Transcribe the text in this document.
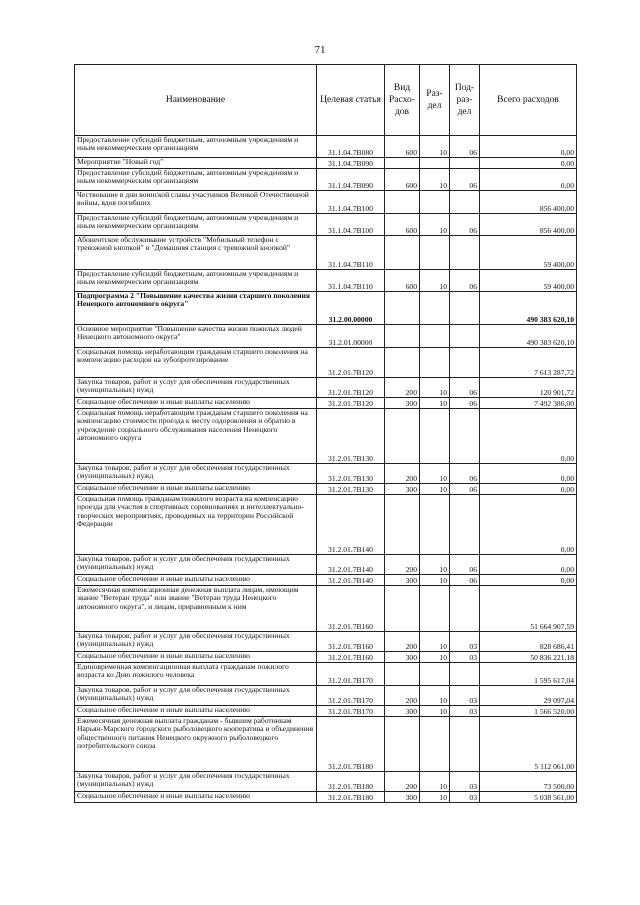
71
Наименование	Целевая статья	Вид Расхо- дов	Раз- дел	Под- раз- дел	Всего расходов
Предоставление субсидий бюджетным, автономным учреждениям и иным некоммерческим организациям	31.1.04.7В080	600	10	06	0,00
Мероприятие "Новый год"	31.1.04.7В090				0,00
Предоставление субсидий бюджетным, автономным учреждениям и иным некоммерческим организациям	31.1.04.7В090	600	10	06	0,00
Чествование в дни воинской славы участников Великой Отечественной войны, вдов погибших	31.1.04.7В100				856 400,00
Предоставление субсидий бюджетным, автономным учреждениям и иным некоммерческим организациям	31.1.04.7В100	600	10	06	856 400,00
Абонентское обслуживание устройств "Мобильный телефон с тревожной кнопкой" и "Домашняя станция с тревожной кнопкой"	31.1.04.7В110				59 400,00
Предоставление субсидий бюджетным, автономным учреждениям и иным некоммерческим организациям	31.1.04.7В110	600	10	06	59 400,00
Подпрограмма 2 "Повышение качества жизни старшего поколения Ненецкого автономного округа"	31.2.00.00000				490 383 620,10
Основное мероприятие "Повышение качества жизни пожилых людей Ненецкого автономного округа"	31.2.01.00000				490 383 620,10
Социальная помощь неработающим гражданам старшего поколения на компенсацию расходов на зубопротезирование	31.2.01.7В120				7 613 287,72
Закупка товаров, работ и услуг для обеспечения государственных (муниципальных) нужд	31.2.01.7В120	200	10	06	120 901,72
Социальное обеспечение и иные выплаты населению	31.2.01.7В120	300	10	06	7 492 386,00
Социальная помощь неработающим гражданам старшего поколения на компенсацию стоимости проезда к месту оздоровления и обратно в учреждение социального обслуживания населения Ненецкого автономного округа	31.2.01.7В130				0,00
Закупка товаров, работ и услуг для обеспечения государственных (муниципальных) нужд	31.2.01.7В130	200	10	06	0,00
Социальное обеспечение и иные выплаты населению	31.2.01.7В130	300	10	06	0,00
Социальная помощь гражданам пожилого возраста на компенсацию проезда для участия в спортивных соревнованиях и интеллектуально-творческих мероприятиях, проводимых на территории Российской Федерации	31.2.01.7В140				0,00
Закупка товаров, работ и услуг для обеспечения государственных (муниципальных) нужд	31.2.01.7В140	200	10	06	0,00
Социальное обеспечение и иные выплаты населению	31.2.01.7В140	300	10	06	0,00
Ежемесячная компенсационная денежная выплата лицам, имеющим звание "Ветеран труда" или звание "Ветеран труда Ненецкого автономного округа", и лицам, приравненным к ним	31.2.01.7В160				51 664 907,59
Закупка товаров, работ и услуг для обеспечения государственных (муниципальных) нужд	31.2.01.7В160	200	10	03	828 686,41
Социальное обеспечение и иные выплаты населению	31.2.01.7В160	300	10	03	50 836 221,18
Единовременная компенсационная выплата гражданам пожилого возраста ко Дню пожилого человека	31.2.01.7В170				1 595 617,04
Закупка товаров, работ и услуг для обеспечения государственных (муниципальных) нужд	31.2.01.7В170	200	10	03	29 097,04
Социальное обеспечение и иные выплаты населению	31.2.01.7В170	300	10	03	1 566 520,00
Ежемесячная денежная выплата гражданам - бывшим работникам Нарьян-Марского городского рыболовецкого кооператива и объединения общественного питания Ненецкого окружного рыболовецкого потребительского союза	31.2.01.7В180				5 112 061,00
Закупка товаров, работ и услуг для обеспечения государственных (муниципальных) нужд	31.2.01.7В180	200	10	03	73 500,00
Социальное обеспечение и иные выплаты населению	31.2.01.7В180	300	10	03	5 038 561,00
